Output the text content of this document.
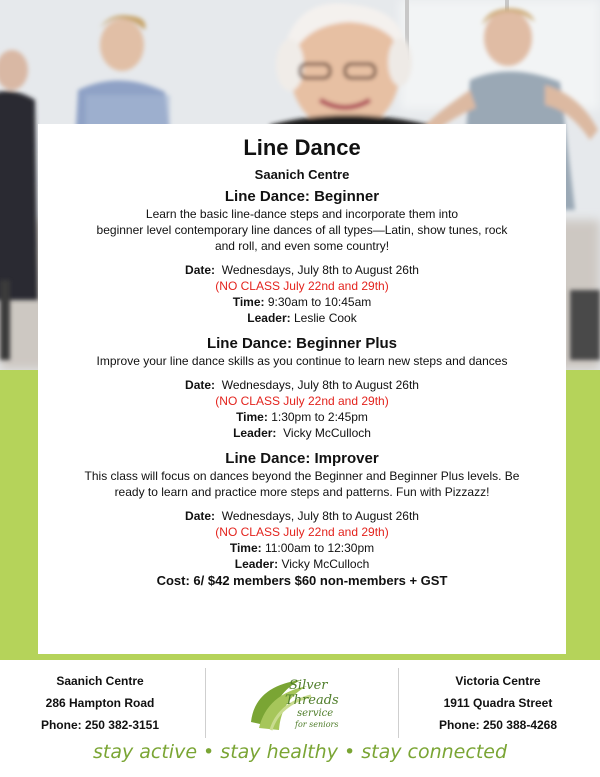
Line Dance
Saanich Centre
Line Dance: Beginner
Learn the basic line-dance steps and incorporate them into
beginner level contemporary line dances of all types—Latin, show tunes, rock
and roll, and even some country!
Date: Wednesdays, July 8th to August 26th
(NO CLASS July 22nd and 29th)
Time: 9:30am to 10:45am
Leader: Leslie Cook
Line Dance: Beginner Plus
Improve your line dance skills as you continue to learn new steps and dances
Date: Wednesdays, July 8th to August 26th
(NO CLASS July 22nd and 29th)
Time: 1:30pm to 2:45pm
Leader: Vicky McCulloch
Line Dance: Improver
This class will focus on dances beyond the Beginner and Beginner Plus levels. Be
ready to learn and practice more steps and patterns. Fun with Pizzazz!
Date: Wednesdays, July 8th to August 26th
(NO CLASS July 22nd and 29th)
Time: 11:00am to 12:30pm
Leader: Vicky McCulloch
Cost: 6/ $42 members $60 non-members + GST
Saanich Centre
286 Hampton Road
Phone: 250 382-3151
Silver
Threads
service
for seniors
Victoria Centre
1911 Quadra Street
Phone: 250 388-4268
stay active • stay healthy • stay connected
